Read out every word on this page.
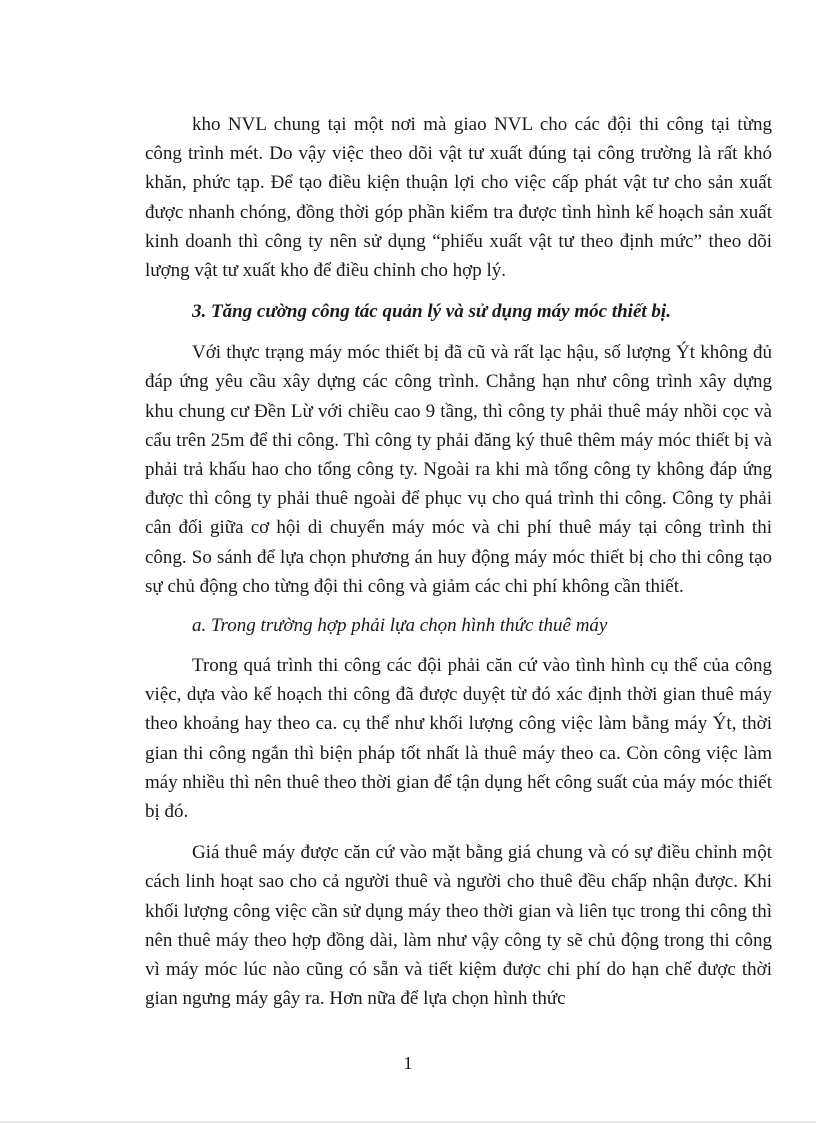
kho NVL chung tại một nơi mà giao NVL cho các đội thi công tại từng công trình mét. Do vậy việc theo dõi vật tư xuất đúng tại công trường là rất khó khăn, phức tạp. Để tạo điều kiện thuận lợi cho việc cấp phát vật tư cho sản xuất được nhanh chóng, đồng thời góp phần kiểm tra được tình hình kế hoạch sản xuất kinh doanh thì công ty nên sử dụng “phiếu xuất vật tư theo định mức” theo dõi lượng vật tư xuất kho để điều chỉnh cho hợp lý.

3. Tăng cường công tác quản lý và sử dụng máy móc thiết bị.

Với thực trạng máy móc thiết bị đã cũ và rất lạc hậu, số lượng Ýt không đủ đáp ứng yêu cầu xây dựng các công trình. Chẳng hạn như công trình xây dựng khu chung cư Đền Lừ với chiều cao 9 tầng, thì công ty phải thuê máy nhồi cọc và cẩu trên 25m để thi công. Thì công ty phải đăng ký thuê thêm máy móc thiết bị và phải trả khấu hao cho tổng công ty. Ngoài ra khi mà tổng công ty không đáp ứng được thì công ty phải thuê ngoài để phục vụ cho quá trình thi công. Công ty phải cân đối giữa cơ hội di chuyển máy móc và chi phí thuê máy tại công trình thi công. So sánh để lựa chọn phương án huy động máy móc thiết bị cho thi công tạo sự chủ động cho từng đội thi công và giảm các chi phí không cần thiết.

a. Trong trường hợp phải lựa chọn hình thức thuê máy

Trong quá trình thi công các đội phải căn cứ vào tình hình cụ thể của công việc, dựa vào kế hoạch thi công đã được duyệt từ đó xác định thời gian thuê máy theo khoảng hay theo ca. cụ thể như khối lượng công việc làm bằng máy Ýt, thời gian thi công ngắn thì biện pháp tốt nhất là thuê máy theo ca. Còn công việc làm máy nhiều thì nên thuê theo thời gian để tận dụng hết công suất của máy móc thiết bị đó.

Giá thuê máy được căn cứ vào mặt bằng giá chung và có sự điều chỉnh một cách linh hoạt sao cho cả người thuê và người cho thuê đều chấp nhận được. Khi khối lượng công việc cần sử dụng máy theo thời gian và liên tục trong thi công thì nên thuê máy theo hợp đồng dài, làm như vậy công ty sẽ chủ động trong thi công vì máy móc lúc nào cũng có sẵn và tiết kiệm được chi phí do hạn chế được thời gian ngưng máy gây ra. Hơn nữa để lựa chọn hình thức

1
